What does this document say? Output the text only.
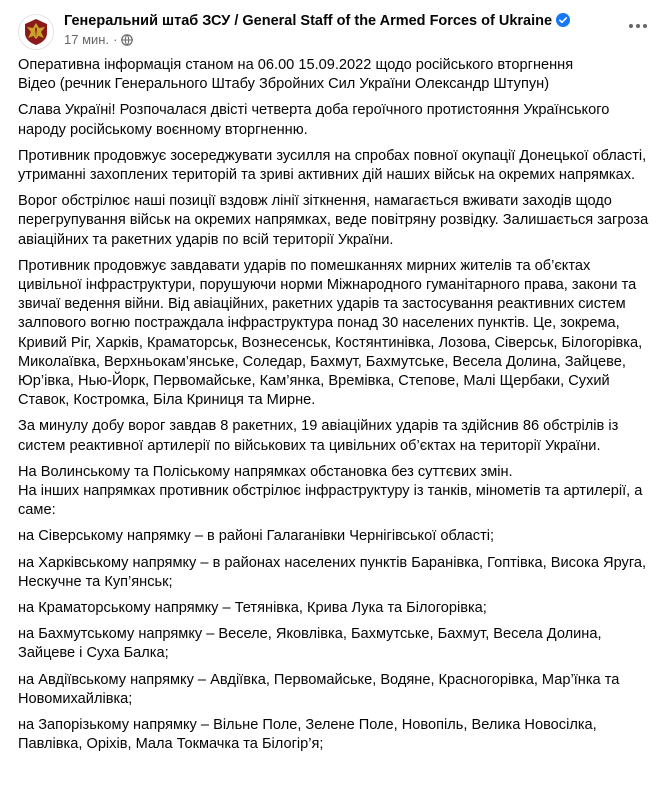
Генеральний штаб ЗСУ / General Staff of the Armed Forces of Ukraine
17 мин. ·

Оперативна інформація станом на 06.00 15.09.2022 щодо російського вторгнення

Відео (речник Генерального Штабу Збройних Сил України Олександр Штупун)

Слава Україні! Розпочалася двісті четверта доба героїчного протистояння Українського народу російському воєнному вторгненню.

Противник продовжує зосереджувати зусилля на спробах повної окупації Донецької області, утриманні захоплених територій та зриві активних дій наших військ на окремих напрямках.

Ворог обстрілює наші позиції вздовж лінії зіткнення, намагається вживати заходів щодо перегрупування військ на окремих напрямках, веде повітряну розвідку. Залишається загроза авіаційних та ракетних ударів по всій території України.

Противник продовжує завдавати ударів по помешканнях мирних жителів та об’єктах цивільної інфраструктури, порушуючи норми Міжнародного гуманітарного права, закони та звичаї ведення війни. Від авіаційних, ракетних ударів та застосування реактивних систем залпового вогню постраждала інфраструктура понад 30 населених пунктів. Це, зокрема, Кривий Ріг, Харків, Краматорськ, Вознесенськ, Костянтинівка, Лозова, Сіверськ, Білогорівка, Миколаївка, Верхньокам’янське, Соледар, Бахмут, Бахмутське, Весела Долина, Зайцеве, Юр’івка, Нью-Йорк, Первомайське, Кам’янка, Времівка, Степове, Малі Щербаки, Сухий Ставок, Костромка, Біла Криниця та Мирне.

За минулу добу ворог завдав 8 ракетних, 19 авіаційних ударів та здійснив 86 обстрілів із систем реактивної артилерії по військових та цивільних об’єктах на території України.

На Волинському та Поліському напрямках обстановка без суттєвих змін.

На інших напрямках противник обстрілює інфраструктуру із танків, мінометів та артилерії, а саме:

на Сіверському напрямку – в районі Галаганівки Чернігівської області;

на Харківському напрямку – в районах населених пунктів Баранівка, Гоптівка, Висока Яруга, Нескучне та Куп’янськ;

на Краматорському напрямку – Тетянівка, Крива Лука та Білогорівка;

на Бахмутському напрямку – Веселе, Яковлівка, Бахмутське, Бахмут, Весела Долина, Зайцеве і Суха Балка;

на Авдіївському напрямку – Авдіївка, Первомайське, Водяне, Красногорівка, Мар’їнка та Новомихайлівка;

на Запорізькому напрямку – Вільне Поле, Зелене Поле, Новопіль, Велика Новосілка, Павлівка, Оріхів, Мала Токмачка та Білогір’я;
